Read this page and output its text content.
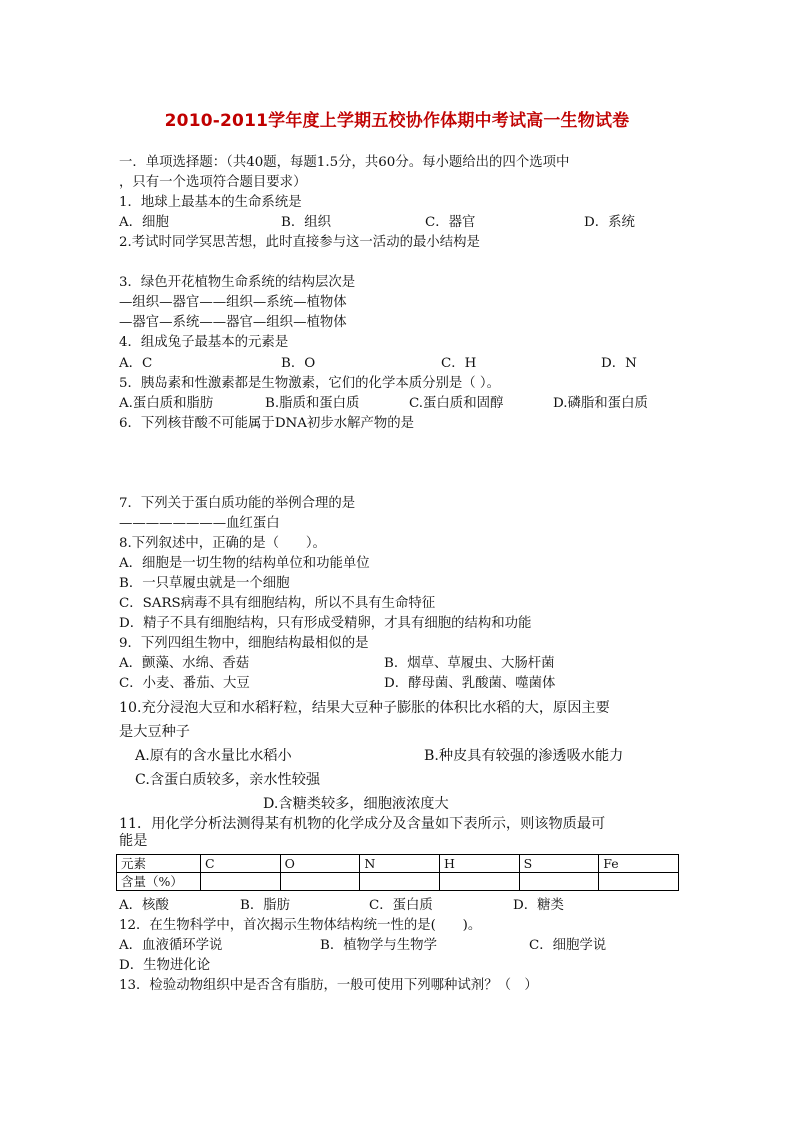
2010-2011学年度上学期五校协作体期中考试高一生物试卷
一．单项选择题：（共40题，每题1.5分，共60分。每小题给出的四个选项中
，只有一个选项符合题目要求）
1．地球上最基本的生命系统是
A．细胞	B．组织	C．器官	D．系统
2.考试时同学冥思苦想，此时直接参与这一活动的最小结构是
3．绿色开花植物生命系统的结构层次是
—组织—器官——组织—系统—植物体
—器官—系统——器官—组织—植物体
4．组成兔子最基本的元素是
A．C	B．O	C．H	D．N
5．胰岛素和性激素都是生物激素，它们的化学本质分别是（ ）。
A.蛋白质和脂肪	B.脂质和蛋白质	C.蛋白质和固醇	D.磷脂和蛋白质
6．下列核苷酸不可能属于DNA初步水解产物的是
7．下列关于蛋白质功能的举例合理的是
————————血红蛋白
8.下列叙述中，正确的是（　　）。
A．细胞是一切生物的结构单位和功能单位
B．一只草履虫就是一个细胞
C．SARS病毒不具有细胞结构，所以不具有生命特征
D．精子不具有细胞结构，只有形成受精卵，才具有细胞的结构和功能
9．下列四组生物中，细胞结构最相似的是
A．颤藻、水绵、香菇	B．烟草、草履虫、大肠杆菌
C．小麦、番茄、大豆	D．酵母菌、乳酸菌、噬菌体
10.充分浸泡大豆和水稻籽粒，结果大豆种子膨胀的体积比水稻的大，原因主要
是大豆种子
A.原有的含水量比水稻小	B.种皮具有较强的渗透吸水能力
C.含蛋白质较多，亲水性较强
D.含糖类较多，细胞液浓度大
11．用化学分析法测得某有机物的化学成分及含量如下表所示，则该物质最可
能是
元素	C	O	N	H	S	Fe
含量（%）						
A．核酸	B．脂肪	C．蛋白质	D．糖类
12．在生物科学中，首次揭示生物体结构统一性的是(　　)。
A．血液循环学说	B．植物学与生物学	C．细胞学说
D．生物进化论
13．检验动物组织中是否含有脂肪，一般可使用下列哪种试剂？（　）
